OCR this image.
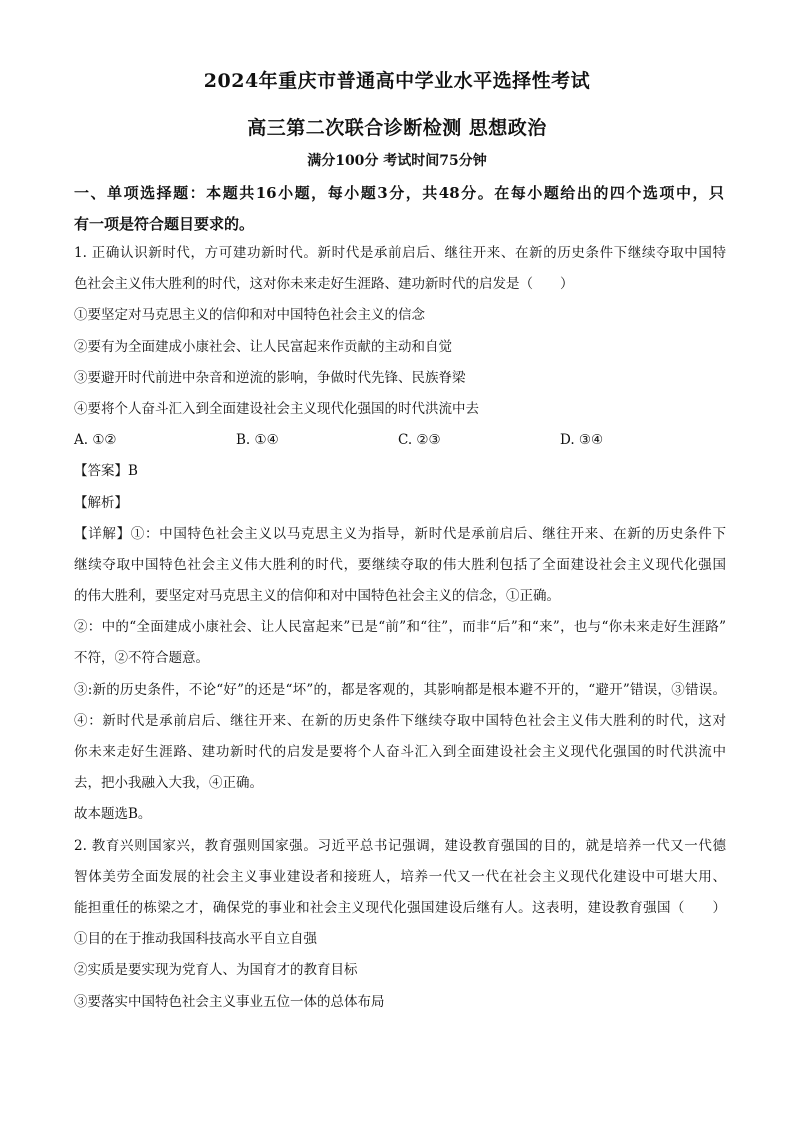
2024年重庆市普通高中学业水平选择性考试
高三第二次联合诊断检测 思想政治
满分100分 考试时间75分钟
一、单项选择题：本题共16小题，每小题3分，共48分。在每小题给出的四个选项中，只
有一项是符合题目要求的。
1. 正确认识新时代，方可建功新时代。新时代是承前启后、继往开来、在新的历史条件下继续夺取中国特
色社会主义伟大胜利的时代，这对你未来走好生涯路、建功新时代的启发是（　　）
①要坚定对马克思主义的信仰和对中国特色社会主义的信念
②要有为全面建成小康社会、让人民富起来作贡献的主动和自觉
③要避开时代前进中杂音和逆流的影响，争做时代先锋、民族脊梁
④要将个人奋斗汇入到全面建设社会主义现代化强国的时代洪流中去
A. ①②	B. ①④	C. ②③	D. ③④
【答案】B
【解析】
【详解】①：中国特色社会主义以马克思主义为指导，新时代是承前启后、继往开来、在新的历史条件下
继续夺取中国特色社会主义伟大胜利的时代，要继续夺取的伟大胜利包括了全面建设社会主义现代化强国
的伟大胜利，要坚定对马克思主义的信仰和对中国特色社会主义的信念，①正确。
②：中的“全面建成小康社会、让人民富起来”已是“前”和“往”，而非“后”和“来”，也与“你未来走好生涯路”
不符，②不符合题意。
③:新的历史条件，不论“好”的还是“坏”的，都是客观的，其影响都是根本避不开的，“避开”错误，③错误。
④：新时代是承前启后、继往开来、在新的历史条件下继续夺取中国特色社会主义伟大胜利的时代，这对
你未来走好生涯路、建功新时代的启发是要将个人奋斗汇入到全面建设社会主义现代化强国的时代洪流中
去，把小我融入大我，④正确。
故本题选B。
2. 教育兴则国家兴，教育强则国家强。习近平总书记强调，建设教育强国的目的，就是培养一代又一代德
智体美劳全面发展的社会主义事业建设者和接班人，培养一代又一代在社会主义现代化建设中可堪大用、
能担重任的栋梁之才，确保党的事业和社会主义现代化强国建设后继有人。这表明，建设教育强国（　　）
①目的在于推动我国科技高水平自立自强
②实质是要实现为党育人、为国育才的教育目标
③要落实中国特色社会主义事业五位一体的总体布局
